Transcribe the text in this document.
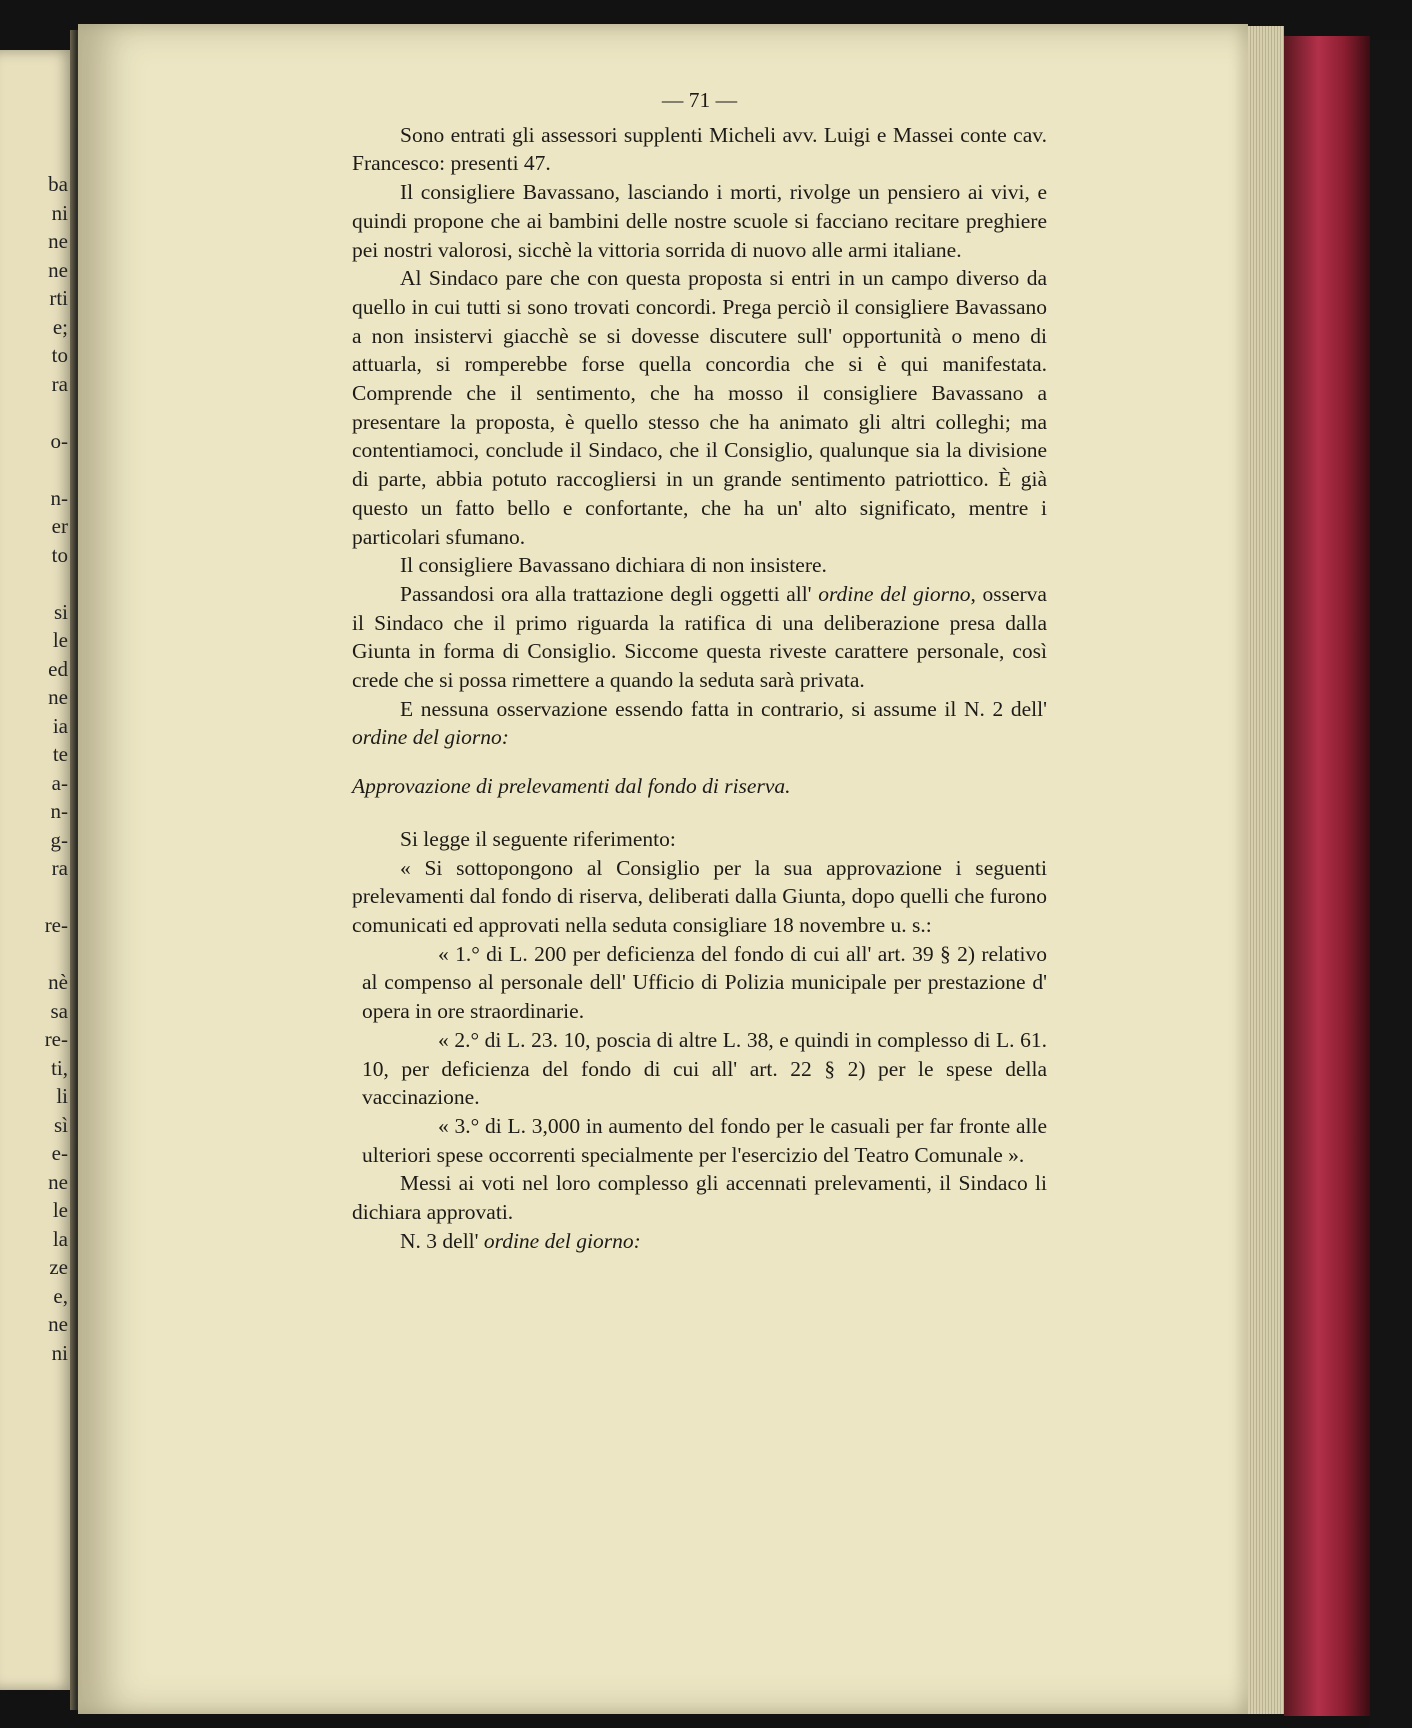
ba
ni
ne
ne
rti
e;
to
ra
o-
n-
er
to
si
le
ed
ne
ia
te
a-
n-
g-
ra
re-
nè
sa
re-
ti,
li
sì
e-
ne
le
la
ze
e,
ne
ni
— 71 —

Sono entrati gli assessori supplenti Micheli avv. Luigi e Massei conte cav. Francesco: presenti 47.

Il consigliere Bavassano, lasciando i morti, rivolge un pensiero ai vivi, e quindi propone che ai bambini delle nostre scuole si facciano recitare preghiere pei nostri valorosi, sicchè la vittoria sorrida di nuovo alle armi italiane.

Al Sindaco pare che con questa proposta si entri in un campo diverso da quello in cui tutti si sono trovati concordi. Prega perciò il consigliere Bavassano a non insistervi giacchè se si dovesse discutere sull' opportunità o meno di attuarla, si romperebbe forse quella concordia che si è qui manifestata. Comprende che il sentimento, che ha mosso il consigliere Bavassano a presentare la proposta, è quello stesso che ha animato gli altri colleghi; ma contentiamoci, conclude il Sindaco, che il Consiglio, qualunque sia la divisione di parte, abbia potuto raccogliersi in un grande sentimento patriottico. È già questo un fatto bello e confortante, che ha un' alto significato, mentre i particolari sfumano.

Il consigliere Bavassano dichiara di non insistere.

Passandosi ora alla trattazione degli oggetti all' ordine del giorno, osserva il Sindaco che il primo riguarda la ratifica di una deliberazione presa dalla Giunta in forma di Consiglio. Siccome questa riveste carattere personale, così crede che si possa rimettere a quando la seduta sarà privata.

E nessuna osservazione essendo fatta in contrario, si assume il N. 2 dell' ordine del giorno:

Approvazione di prelevamenti dal fondo di riserva.

Si legge il seguente riferimento:

« Si sottopongono al Consiglio per la sua approvazione i seguenti prelevamenti dal fondo di riserva, deliberati dalla Giunta, dopo quelli che furono comunicati ed approvati nella seduta consigliare 18 novembre u. s.:

« 1.° di L. 200 per deficienza del fondo di cui all' art. 39 § 2) relativo al compenso al personale dell' Ufficio di Polizia municipale per prestazione d' opera in ore straordinarie.

« 2.° di L. 23. 10, poscia di altre L. 38, e quindi in complesso di L. 61. 10, per deficienza del fondo di cui all' art. 22 § 2) per le spese della vaccinazione.

« 3.° di L. 3,000 in aumento del fondo per le casuali per far fronte alle ulteriori spese occorrenti specialmente per l'esercizio del Teatro Comunale ».

Messi ai voti nel loro complesso gli accennati prelevamenti, il Sindaco li dichiara approvati.

N. 3 dell' ordine del giorno:
